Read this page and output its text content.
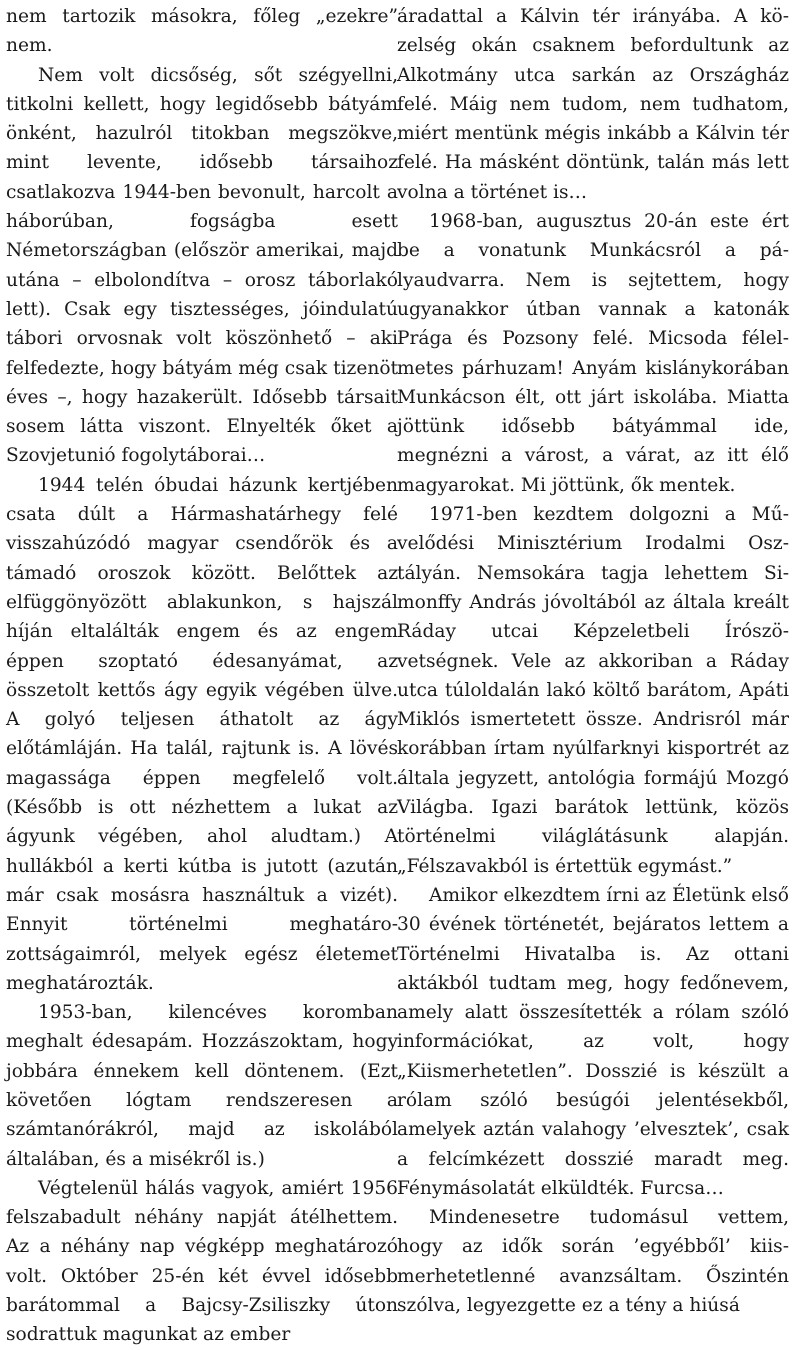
nem tartozik másokra, főleg „ezekre” nem.

Nem volt dicsőség, sőt szégyellni, titkolni kellett, hogy legidősebb bátyám önként, hazulról titokban megszökve, mint levente, idősebb társaihoz csatlakozva 1944-ben bevonult, harcolt a háborúban, fogságba esett Németországban (először amerikai, majd utána – elbolondítva – orosz táborlakó lett). Csak egy tisztességes, jóindulatú tábori orvosnak volt köszönhető – aki felfedezte, hogy bátyám még csak tizenöt éves –, hogy hazakerült. Idősebb társait sosem látta viszont. Elnyelték őket a Szovjetunió fogolytáborai…

1944 telén óbudai házunk kertjében csata dúlt a Hármashatárhegy felé visszahúzódó magyar csendőrök és a támadó oroszok között. Belőttek az elfüggönyözött ablakunkon, s hajszál híján eltalálták engem és az engem éppen szoptató édesanyámat, az összetolt kettős ágy egyik végében ülve. A golyó teljesen áthatolt az ágy előtámláján. Ha talál, rajtunk is. A lövés magassága éppen megfelelő volt. (Később is ott nézhettem a lukat az ágyunk végében, ahol aludtam.) A hullákból a kerti kútba is jutott (azután már csak mosásra használtuk a vizét). Ennyit történelmi meghatározottságaimról, melyek egész életemet meghatározták.

1953-ban, kilencéves koromban meghalt édesapám. Hozzászoktam, hogy jobbára énnekem kell döntenem. (Ezt követően lógtam rendszeresen a számtanórákról, majd az iskolából általában, és a misékről is.)

Végtelenül hálás vagyok, amiért 1956 felszabadult néhány napját átélhettem. Az a néhány nap végképp meghatározó volt. Október 25-én két évvel idősebb barátommal a Bajcsy-Zsiliszky úton sodrattuk magunkat az ember

áradattal a Kálvin tér irányába. A közelség okán csaknem befordultunk az Alkotmány utca sarkán az Országház felé. Máig nem tudom, nem tudhatom, miért mentünk mégis inkább a Kálvin tér felé. Ha másként döntünk, talán más lett volna a történet is…

1968-ban, augusztus 20-án este ért be a vonatunk Munkácsról a pályaudvarra. Nem is sejtettem, hogy ugyanakkor útban vannak a katonák Prága és Pozsony felé. Micsoda félelmetes párhuzam! Anyám kislánykorában Munkácson élt, ott járt iskolába. Miatta jöttünk idősebb bátyámmal ide, megnézni a várost, a várat, az itt élő magyarokat. Mi jöttünk, ők mentek.

1971-ben kezdtem dolgozni a Művelődési Minisztérium Irodalmi Osztályán. Nemsokára tagja lehettem Simonffy András jóvoltából az általa kreált Ráday utcai Képzeletbeli Írószövetségnek. Vele az akkoriban a Ráday utca túloldalán lakó költő barátom, Apáti Miklós ismertetett össze. Andrisról már korábban írtam nyúlfarknyi kisportrét az általa jegyzett, antológia formájú Mozgó Világba. Igazi barátok lettünk, közös történelmi világlátásunk alapján. „Félszavakból is értettük egymást.”

Amikor elkezdtem írni az Életünk első 30 évének történetét, bejáratos lettem a Történelmi Hivatalba is. Az ottani aktákból tudtam meg, hogy fedőnevem, amely alatt összesítették a rólam szóló információkat, az volt, hogy „Kiismerhetetlen”. Dosszié is készült a rólam szóló besúgói jelentésekből, amelyek aztán valahogy ’elvesztek’, csak a felcímkézett dosszié maradt meg. Fénymásolatát elküldték. Furcsa…

Mindenesetre tudomásul vettem, hogy az idők során ’egyébből’ kiismerhetetlenné avanzsáltam. Őszintén szólva, legyezgette ez a tény a hiúsá
